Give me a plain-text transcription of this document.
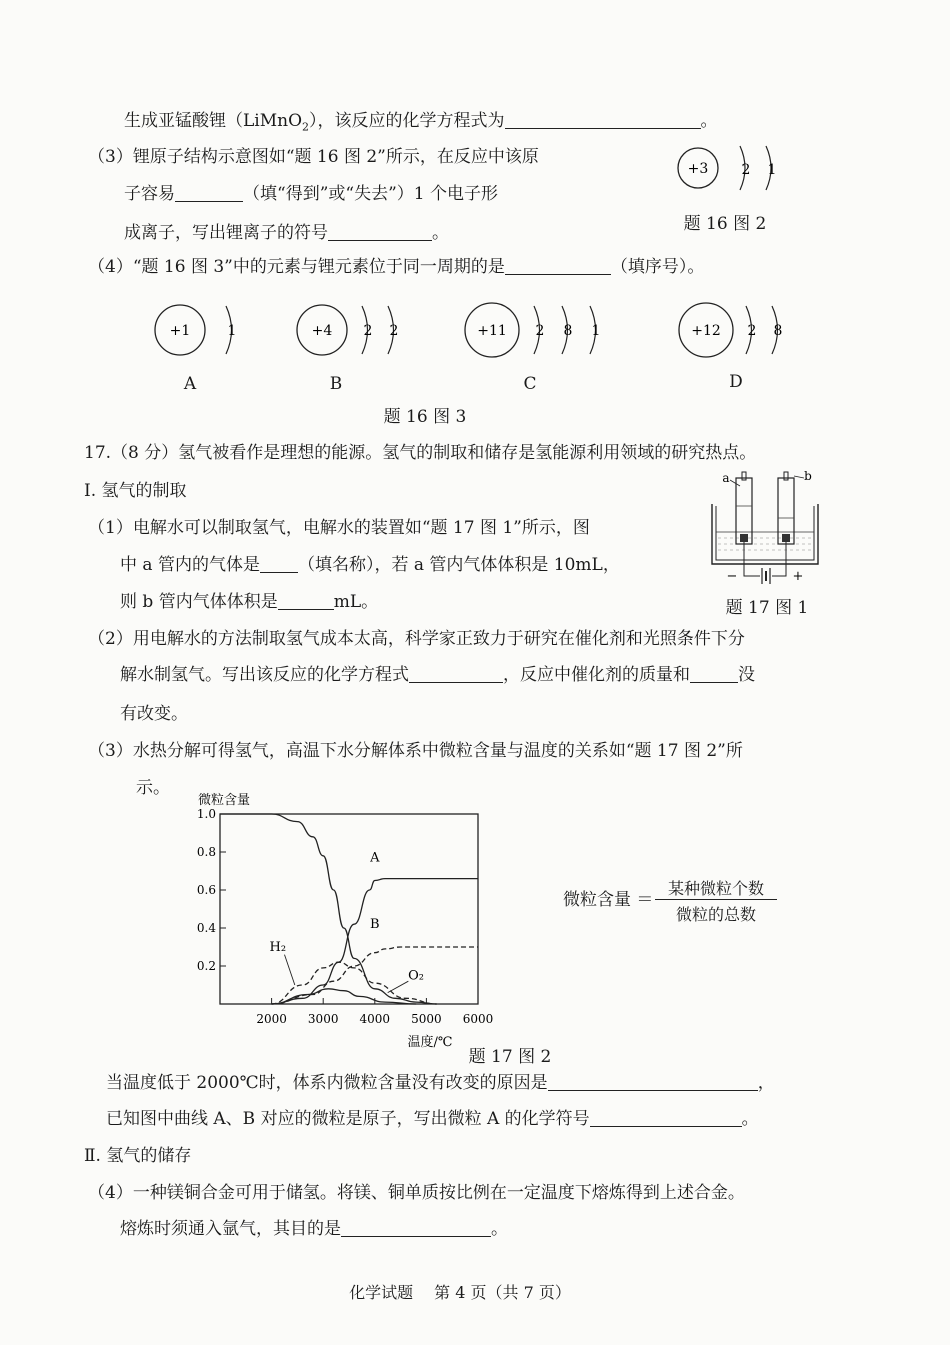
生成亚锰酸锂（LiMnO$_2$），该反应的化学方程式为	。
（3）锂原子结构示意图如“题 16 图 2”所示，在反应中该原
子容易	（填“得到”或“失去”）1 个电子形
成离子，写出锂离子的符号	。
+3 2 1
题 16 图 2
（4）“题 16 图 3”中的元素与锂元素位于同一周期的是	（填序号）。
+1	1	+4 2 2	+11 2 8 1	+12 2 8
A	B	C	D
题 16 图 3
17.（8 分）氢气被看作是理想的能源。氢气的制取和储存是氢能源利用领域的研究热点。
Ⅰ. 氢气的制取
（1）电解水可以制取氢气，电解水的装置如“题 17 图 1”所示，图
中 a 管内的气体是 （填名称），若 a 管内气体体积是 10mL，
则 b 管内气体体积是	mL。
a	b
−	+
题 17 图 1
（2）用电解水的方法制取氢气成本太高，科学家正致力于研究在催化剂和光照条件下分
解水制氢气。写出该反应的化学方程式	，反应中催化剂的质量和	没
有改变。
（3）水热分解可得氢气，高温下水分解体系中微粒含量与温度的关系如“题 17 图 2”所
示。
0.2
0.4
0.6
0.8
1.0
2000 3000 4000 5000 6000
微粒含量
温度/℃
A
B
H₂
O₂
微粒含量 ＝
某种微粒个数
微粒的总数
题 17 图 2
当温度低于 2000℃时，体系内微粒含量没有改变的原因是	，
已知图中曲线 A、B 对应的微粒是原子，写出微粒 A 的化学符号	。
Ⅱ. 氢气的储存
（4）一种镁铜合金可用于储氢。将镁、铜单质按比例在一定温度下熔炼得到上述合金。
熔炼时须通入氩气，其目的是	。
化学试题　 第 4 页（共 7 页）
